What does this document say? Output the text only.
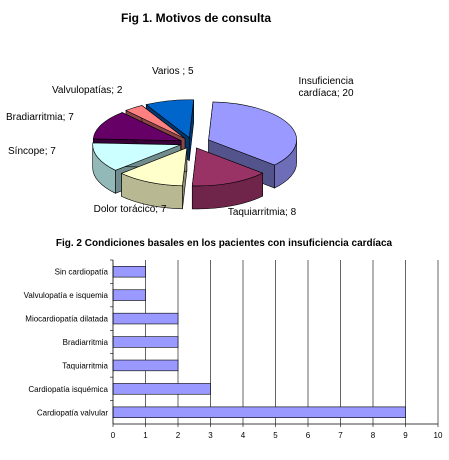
Fig 1. Motivos de consulta
Insuficiencia cardíaca; 20
Taquiarritmia; 8
Dolor torácico; 7
Síncope; 7
Bradiarritmia; 7
Valvulopatías; 2
Varios ; 5
Fig. 2 Condiciones basales en los pacientes con insuficiencia cardíaca
Cardiopatía valvular
Cardiopatía isquémica
Taquiarritmia
Bradiarritmia
Miocardiopatía dilatada
Valvulopatía e isquemia
Sin cardiopatía
0	1	2	3	4	5	6	7	8	9	10
